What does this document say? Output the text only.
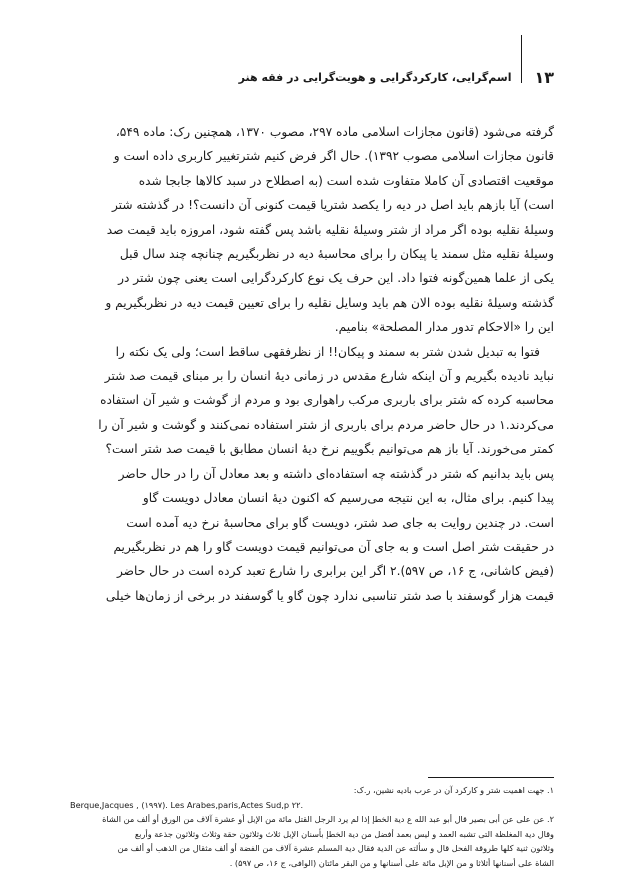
۱۳
اسم‌گرایی، کارکردگرایی و هویت‌گرایی در فقه هنر
گرفته می‌شود (قانون مجازات اسلامی ماده ۲۹۷، مصوب ۱۳۷۰، همچنین رک: ماده ۵۴۹،
قانون مجازات اسلامی مصوب ۱۳۹۲). حال اگر فرض کنیم شترتغییر کاربری داده است و
موقعیت اقتصادی آن کاملا متفاوت شده است (به اصطلاح در سبد کالاها جابجا شده
است) آیا بازهم باید اصل در دیه را یکصد شتریا قیمت کنونی آن دانست؟! در گذشته شتر
وسیلهٔ نقلیه بوده اگر مراد از شتر وسیلهٔ نقلیه باشد پس گفته شود، امروزه باید قیمت صد
وسیلهٔ نقلیه مثل سمند یا پیکان را برای محاسبهٔ دیه در نظربگیریم چنانچه چند سال قبل
یکی از علما همین‌گونه فتوا داد. این حرف یک نوع کارکردگرایی است یعنی چون شتر در
گذشته وسیلهٔ نقلیه بوده الان هم باید وسایل نقلیه را برای تعیین قیمت دیه در نظربگیریم و
این را «الاحکام تدور مدار المصلحة» بنامیم.
فتوا به تبدیل شدن شتر به سمند و پیکان!! از نظرفقهی ساقط است؛ ولی یک نکته را
نباید نادیده بگیریم و آن اینکه شارع مقدس در زمانی دیهٔ انسان را بر مبنای قیمت صد شتر
محاسبه کرده که شتر برای باربری مرکب راهواری بود و مردم از گوشت و شیر آن استفاده
می‌کردند.۱ در حال حاضر مردم برای باربری از شتر استفاده نمی‌کنند و گوشت و شیر آن را
کمتر می‌خورند. آیا باز هم می‌توانیم بگوییم نرخ دیهٔ انسان مطابق با قیمت صد شتر است؟
پس باید بدانیم که شتر در گذشته چه استفاده‌ای داشته و بعد معادل آن را در حال حاضر
پیدا کنیم. برای مثال، به این نتیجه می‌رسیم که اکنون دیهٔ انسان معادل دویست گاو
است. در چندین روایت به جای صد شتر، دویست گاو برای محاسبهٔ نرخ دیه آمده است
در حقیقت شتر اصل است و به جای آن می‌توانیم قیمت دویست گاو را هم در نظربگیریم
(فیض کاشانی، ج ۱۶، ص ۵۹۷).۲ اگر این برابری را شارع تعبد کرده است در حال حاضر
قیمت هزار گوسفند با صد شتر تناسبی ندارد چون گاو یا گوسفند در برخی از زمان‌ها خیلی
۱. جهت اهمیت شتر و کارکرد آن در عرب بادیه نشین، ر.ک:
Berque,Jacques , (۱۹۹۷). Les Arabes,paris,Actes Sud,p ۲۲.
۲. عن علی عن أبی بصیر قال أبو عبد الله ع دیة الخطإ إذا لم یرد الرجل القتل مائة من الإبل أو عشرة آلاف من الورق أو ألف من الشاة
وقال دیة المغلظة التی تشبه العمد و لیس بعمد أفضل من دیة الخطإ بأسنان الإبل ثلاث وثلاثون حقة وثلاث وثلاثون جذعة وأربع
وثلاثون ثنیة کلها طروقة الفحل قال و سألته عن الدیة فقال دیة المسلم عشرة آلاف من الفضة أو ألف مثقال من الذهب أو ألف من
الشاة على أسنانها أثلاثا و من الإبل مائة على أسنانها و من البقر مائتان (الوافی، ج ۱۶، ص ۵۹۷) .
